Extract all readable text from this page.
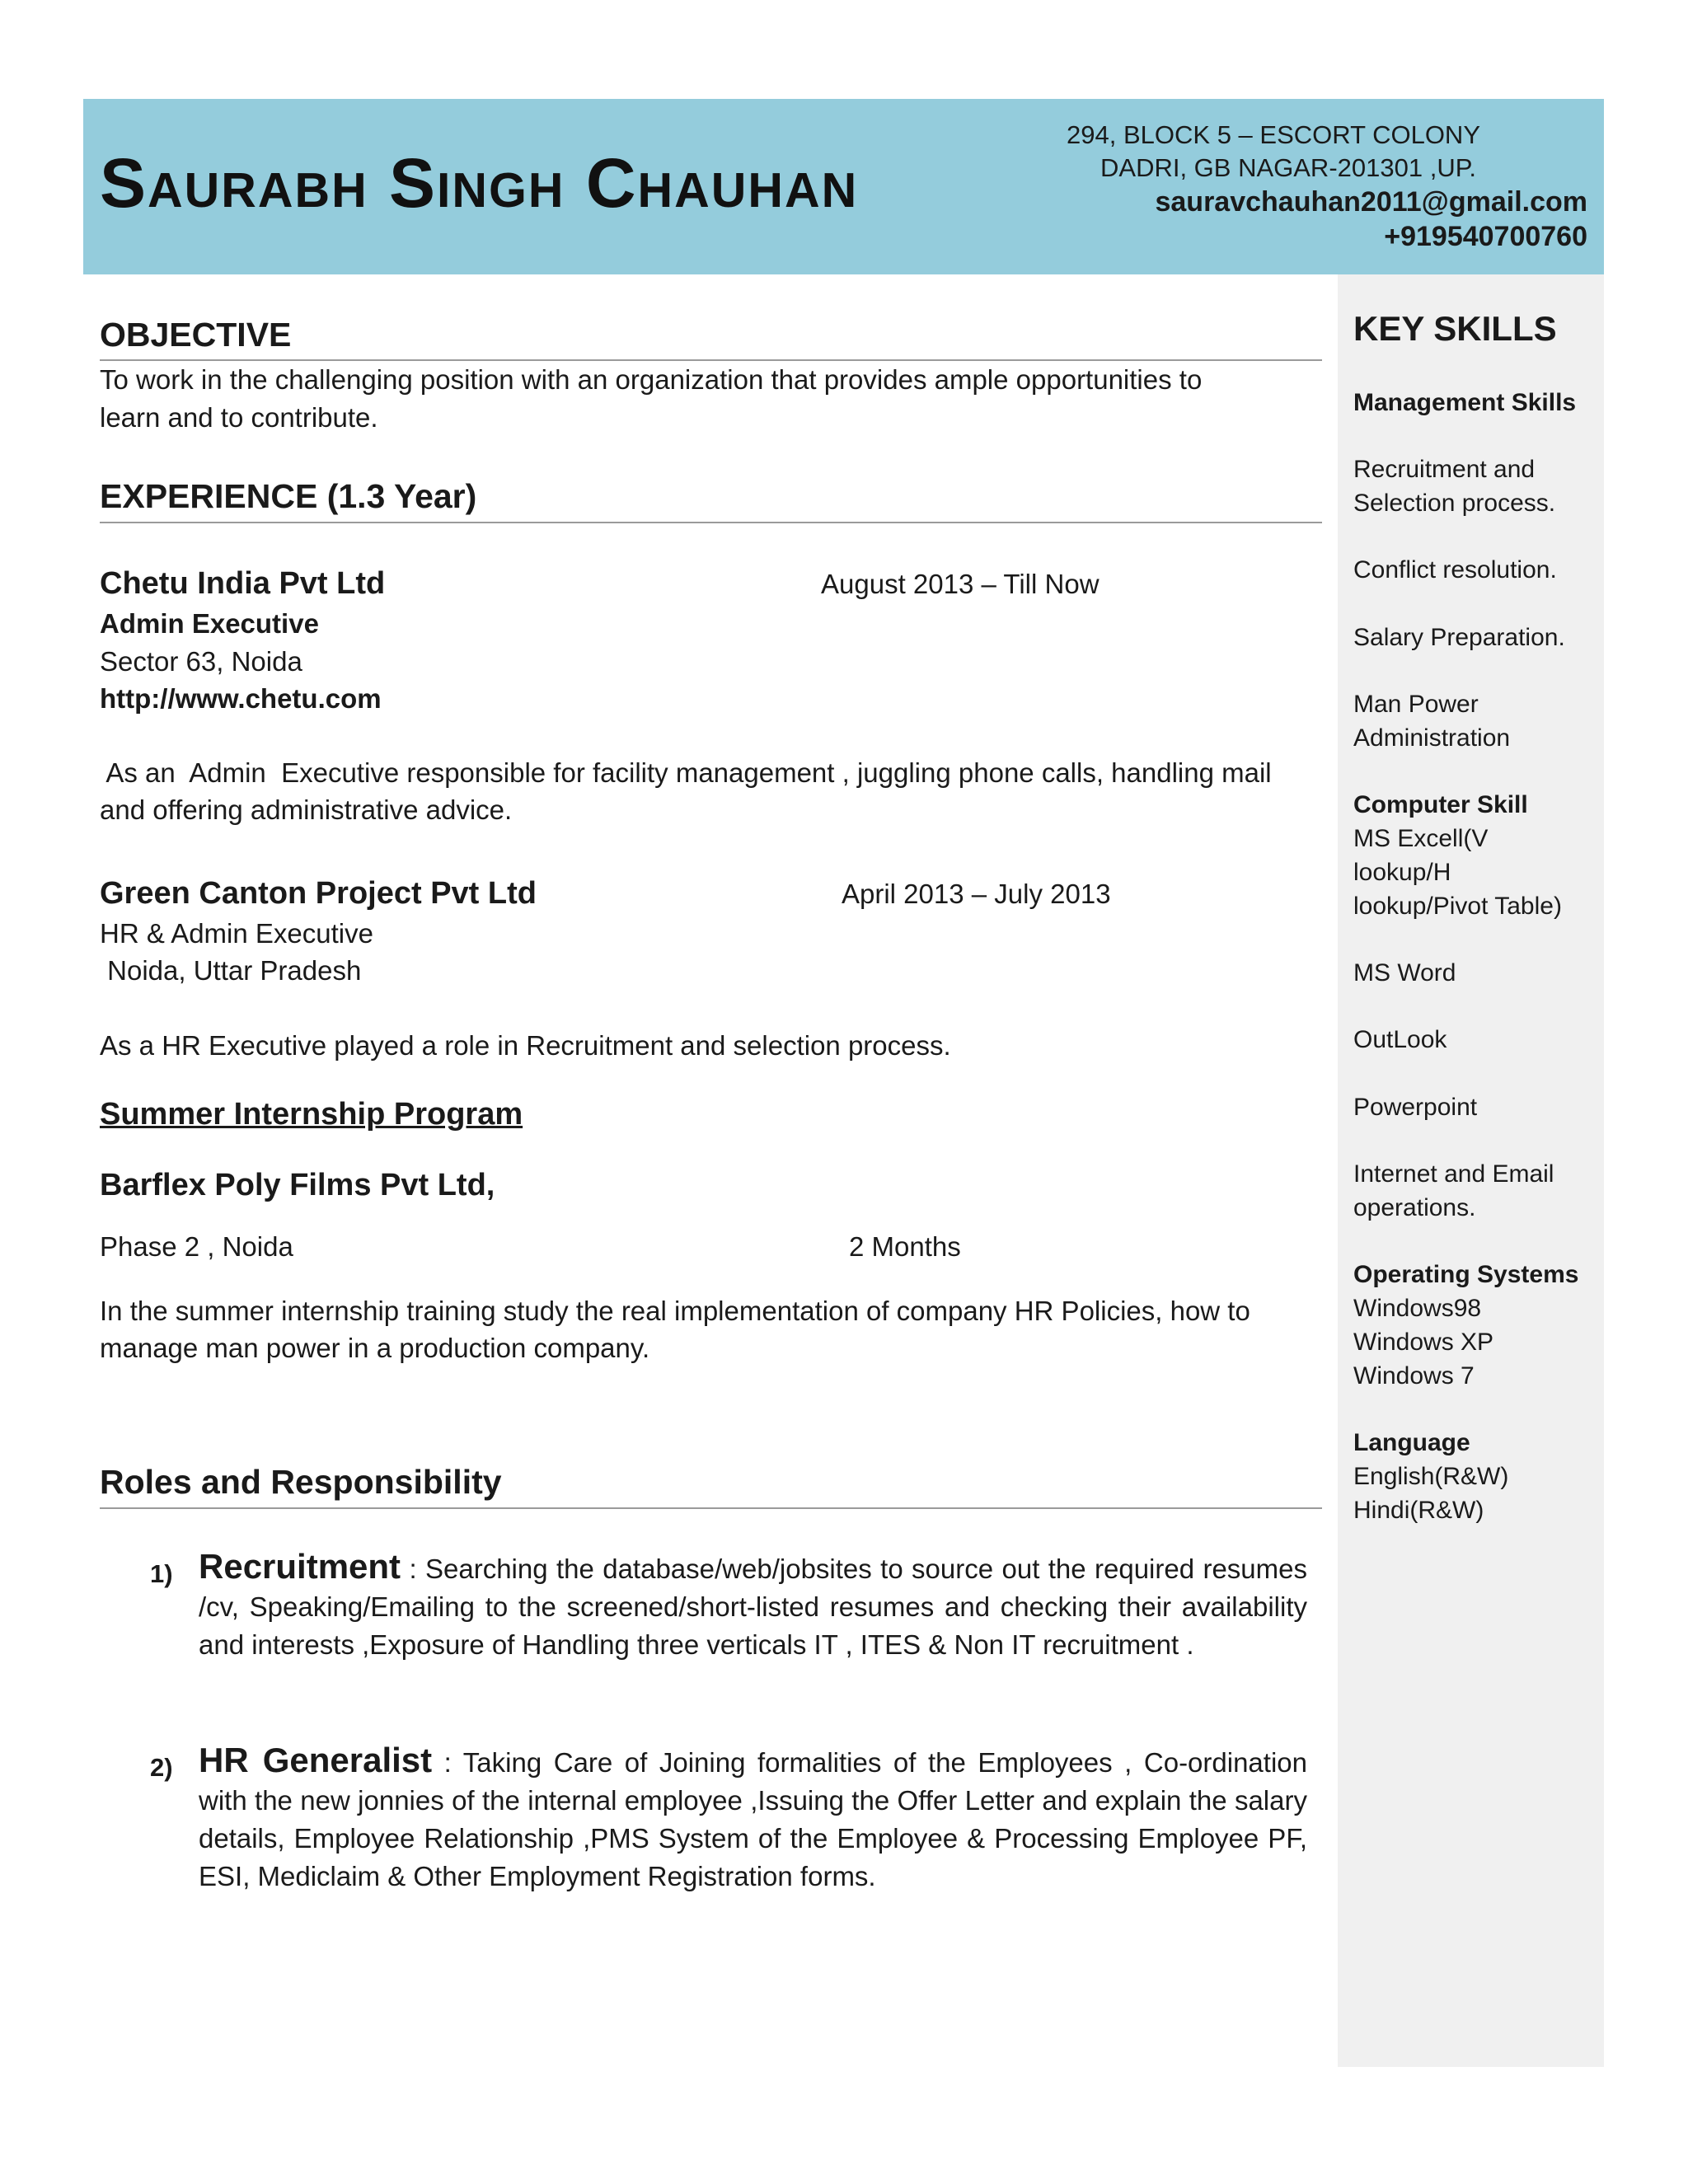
Saurabh Singh Chauhan
294, BLOCK 5 – ESCORT COLONY
DADRI, GB NAGAR-201301 ,UP.
sauravchauhan2011@gmail.com
+919540700760
KEY SKILLS
Management Skills
Recruitment and
Selection process.
Conflict resolution.
Salary Preparation.
Man Power
Administration
Computer Skill
MS Excell(V
lookup/H
lookup/Pivot Table)
MS Word
OutLook
Powerpoint
Internet and Email
operations.
Operating Systems
Windows98
Windows XP
Windows 7
Language
English(R&W)
Hindi(R&W)
OBJECTIVE
To work in the challenging position with an organization that provides ample opportunities to
learn and to contribute.
EXPERIENCE (1.3 Year)
Chetu India Pvt Ltd	August 2013 – Till Now
Admin Executive
Sector 63, Noida
http://www.chetu.com
As an  Admin  Executive responsible for facility management , juggling phone calls, handling mail
and offering administrative advice.
Green Canton Project Pvt Ltd	April 2013 – July 2013
HR & Admin Executive
Noida, Uttar Pradesh
As a HR Executive played a role in Recruitment and selection process.
Summer Internship Program
Barflex Poly Films Pvt Ltd,
Phase 2 , Noida	2 Months
In the summer internship training study the real implementation of company HR Policies, how to
manage man power in a production company.
Roles and Responsibility
1) Recruitment : Searching the database/web/jobsites to source out the required resumes /cv, Speaking/Emailing to the screened/short-listed resumes and checking their availability and interests ,Exposure of Handling three verticals IT , ITES & Non IT recruitment .
2) HR Generalist : Taking Care of Joining formalities of the Employees , Co-ordination with the new jonnies of the internal employee ,Issuing the Offer Letter and explain the salary details, Employee Relationship ,PMS System of the Employee & Processing Employee PF, ESI, Mediclaim & Other Employment Registration forms.
